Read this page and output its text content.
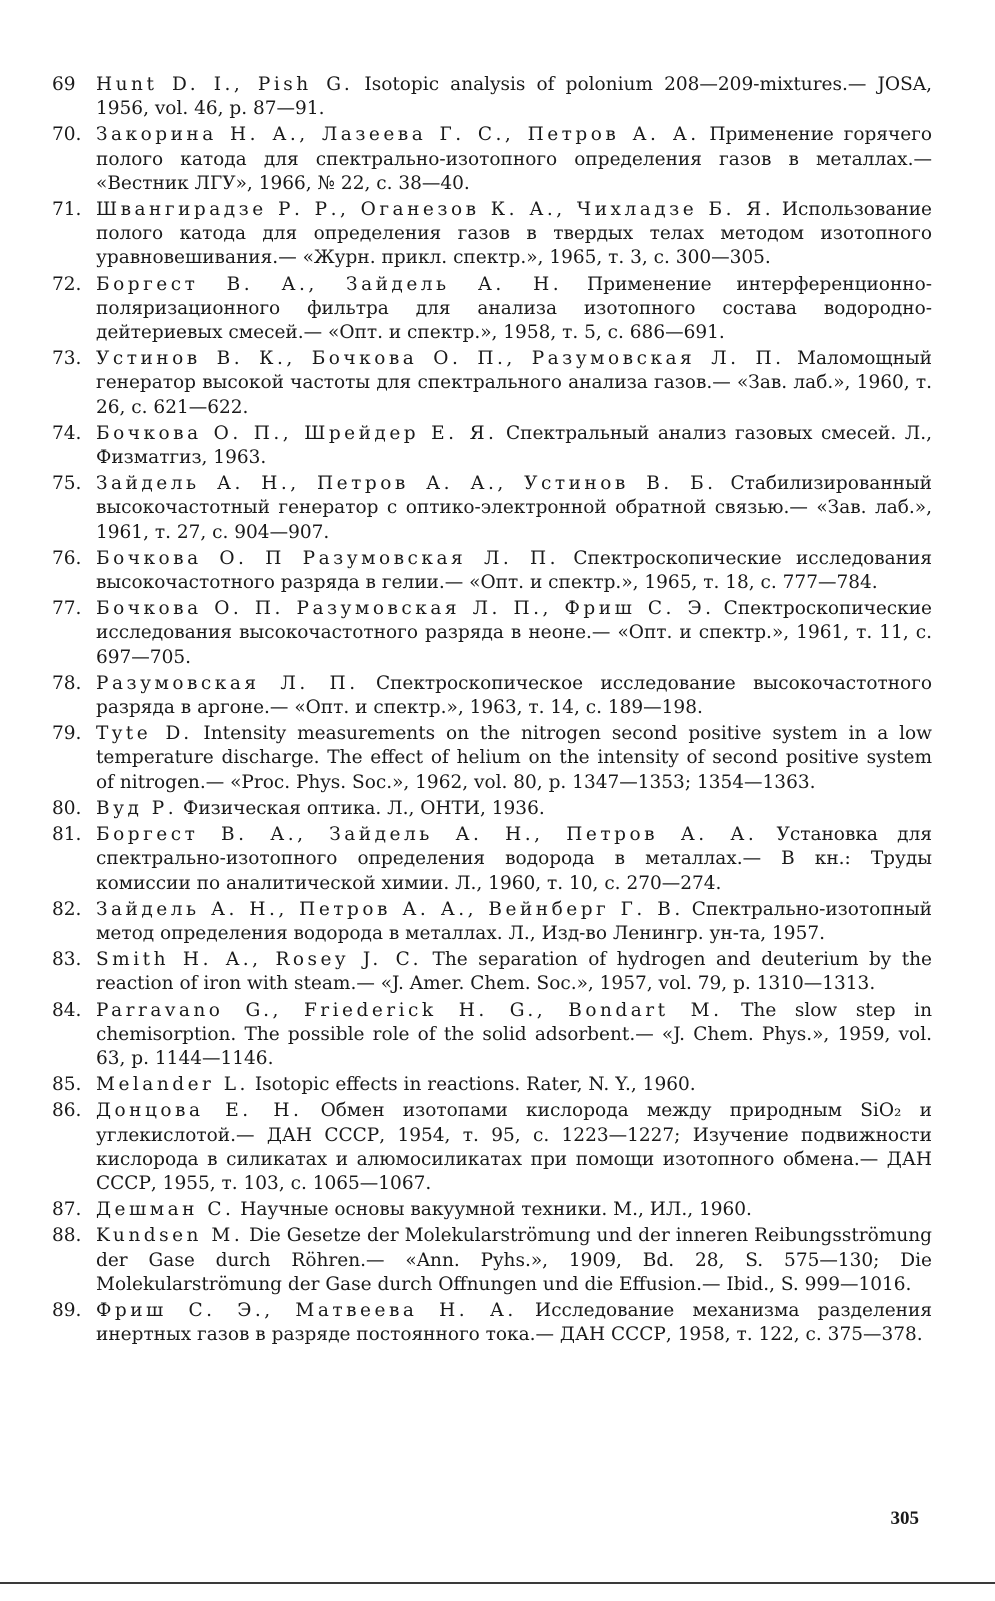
69	Hunt D. I., Pish G. Isotopic analysis of polonium 208—209-mixtures.— JOSA, 1956, vol. 46, p. 87—91.
70. Закорина Н. А., Лазеева Г. С., Петров А. А. Применение горячего полого катода для спектрально-изотопного определения газов в металлах.— «Вестник ЛГУ», 1966, № 22, с. 38—40.
71. Швангирадзе Р. Р., Оганезов К. А., Чихладзе Б. Я. Использование полого катода для определения газов в твердых телах методом изотопного уравновешивания.— «Журн. прикл. спектр.», 1965, т. 3, с. 300—305.
72. Боргест В. А., Зайдель А. Н. Применение интерференционно-поляризационного фильтра для анализа изотопного состава водородно-дейтериевых смесей.— «Опт. и спектр.», 1958, т. 5, с. 686—691.
73. Устинов В. К., Бочкова О. П., Разумовская Л. П. Маломощный генератор высокой частоты для спектрального анализа газов.— «Зав. лаб.», 1960, т. 26, с. 621—622.
74. Бочкова О. П., Шрейдер Е. Я. Спектральный анализ газовых смесей. Л., Физматгиз, 1963.
75. Зайдель А. Н., Петров А. А., Устинов В. Б. Стабилизированный высокочастотный генератор с оптико-электронной обратной связью.— «Зав. лаб.», 1961, т. 27, с. 904—907.
76. Бочкова О. П Разумовская Л. П. Спектроскопические исследования высокочастотного разряда в гелии.— «Опт. и спектр.», 1965, т. 18, с. 777—784.
77. Бочкова О. П. Разумовская Л. П., Фриш С. Э. Спектроскопические исследования высокочастотного разряда в неоне.— «Опт. и спектр.», 1961, т. 11, с. 697—705.
78. Разумовская Л. П. Спектроскопическое исследование высокочастотного разряда в аргоне.— «Опт. и спектр.», 1963, т. 14, с. 189—198.
79. Tyte D. Intensity measurements on the nitrogen second positive system in a low temperature discharge. The effect of helium on the intensity of second positive system of nitrogen.— «Proc. Phys. Soc.», 1962, vol. 80, p. 1347—1353; 1354—1363.
80. Вуд Р. Физическая оптика. Л., ОНТИ, 1936.
81. Боргест В. А., Зайдель А. Н., Петров А. А. Установка для спектрально-изотопного определения водорода в металлах.— В кн.: Труды комиссии по аналитической химии. Л., 1960, т. 10, с. 270—274.
82. Зайдель А. Н., Петров А. А., Вейнберг Г. В. Спектрально-изотопный метод определения водорода в металлах. Л., Изд-во Ленингр. ун-та, 1957.
83. Smith H. A., Rosey J. C. The separation of hydrogen and deuterium by the reaction of iron with steam.— «J. Amer. Chem. Soc.», 1957, vol. 79, p. 1310—1313.
84. Parravano G., Friederick H. G., Bondart M. The slow step in chemisorption. The possible role of the solid adsorbent.— «J. Chem. Phys.», 1959, vol. 63, p. 1144—1146.
85. Melander L. Isotopic effects in reactions. Rater, N. Y., 1960.
86. Донцова Е. Н. Обмен изотопами кислорода между природным SiO₂ и углекислотой.— ДАН СССР, 1954, т. 95, с. 1223—1227; Изучение подвижности кислорода в силикатах и алюмосиликатах при помощи изотопного обмена.— ДАН СССР, 1955, т. 103, с. 1065—1067.
87. Дешман С. Научные основы вакуумной техники. М., ИЛ., 1960.
88. Kundsen M. Die Gesetze der Molekularströmung und der inneren Reibungsströmung der Gase durch Röhren.— «Ann. Pyhs.», 1909, Bd. 28, S. 575—130; Die Molekularströmung der Gase durch Offnungen und die Effusion.— Ibid., S. 999—1016.
89. Фриш С. Э., Матвеева Н. А. Исследование механизма разделения инертных газов в разряде постоянного тока.— ДАН СССР, 1958, т. 122, с. 375—378.
305
